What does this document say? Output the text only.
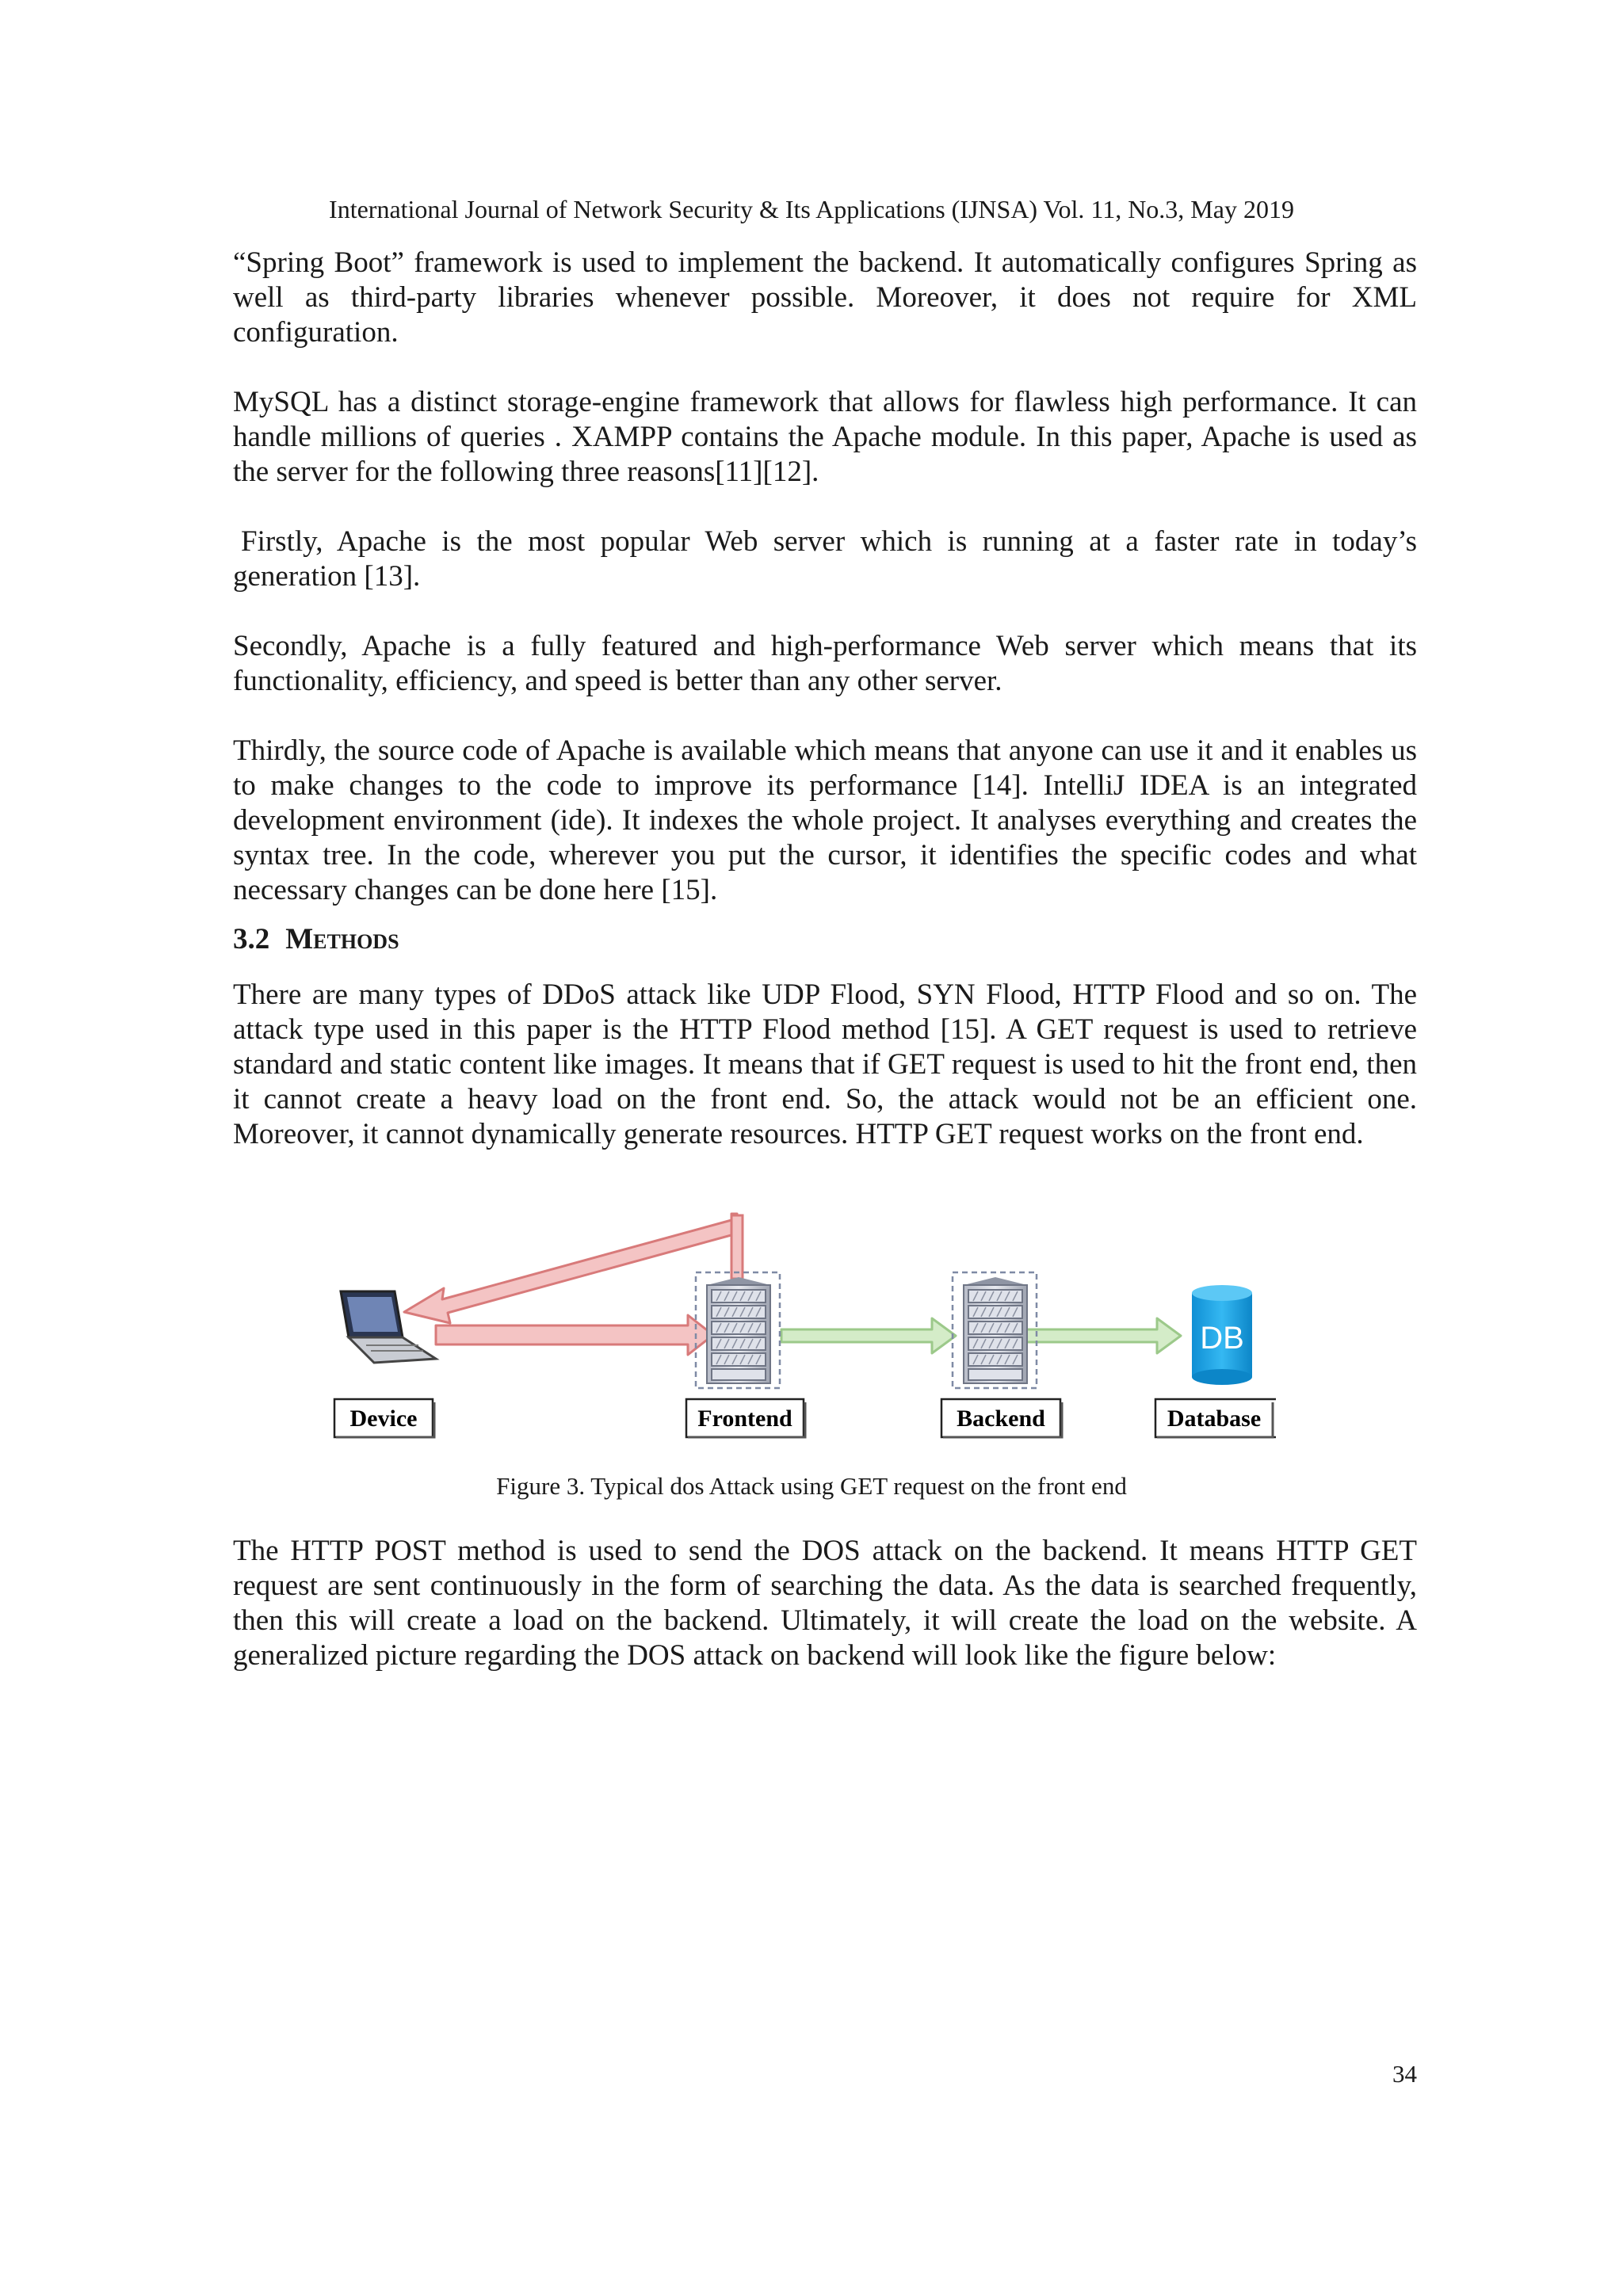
International Journal of Network Security & Its Applications (IJNSA) Vol. 11, No.3, May 2019

“Spring Boot” framework is used to implement the backend. It automatically configures Spring as well as third-party libraries whenever possible. Moreover, it does not require for XML configuration.

MySQL has a distinct storage-engine framework that allows for flawless high performance. It can handle millions of queries . XAMPP contains the Apache module. In this paper, Apache is used as the server for the following three reasons[11][12].

Firstly, Apache is the most popular Web server which is running at a faster rate in today’s generation [13].

Secondly, Apache is a fully featured and high-performance Web server which means that its functionality, efficiency, and speed is better than any other server.

Thirdly, the source code of Apache is available which means that anyone can use it and it enables us to make changes to the code to improve its performance [14]. IntelliJ IDEA is an integrated development environment (ide). It indexes the whole project. It analyses everything and creates the syntax tree. In the code, wherever you put the cursor, it identifies the specific codes and what necessary changes can be done here [15].

3.2 Methods

There are many types of DDoS attack like UDP Flood, SYN Flood, HTTP Flood and so on. The attack type used in this paper is the HTTP Flood method [15]. A GET request is used to retrieve standard and static content like images. It means that if GET request is used to hit the front end, then it cannot create a heavy load on the front end. So, the attack would not be an efficient one. Moreover, it cannot dynamically generate resources. HTTP GET request works on the front end.

DB
Device	Frontend	Backend	Database
Figure 3. Typical dos Attack using GET request on the front end

The HTTP POST method is used to send the DOS attack on the backend. It means HTTP GET request are sent continuously in the form of searching the data. As the data is searched frequently, then this will create a load on the backend. Ultimately, it will create the load on the website. A generalized picture regarding the DOS attack on backend will look like the figure below:

34
